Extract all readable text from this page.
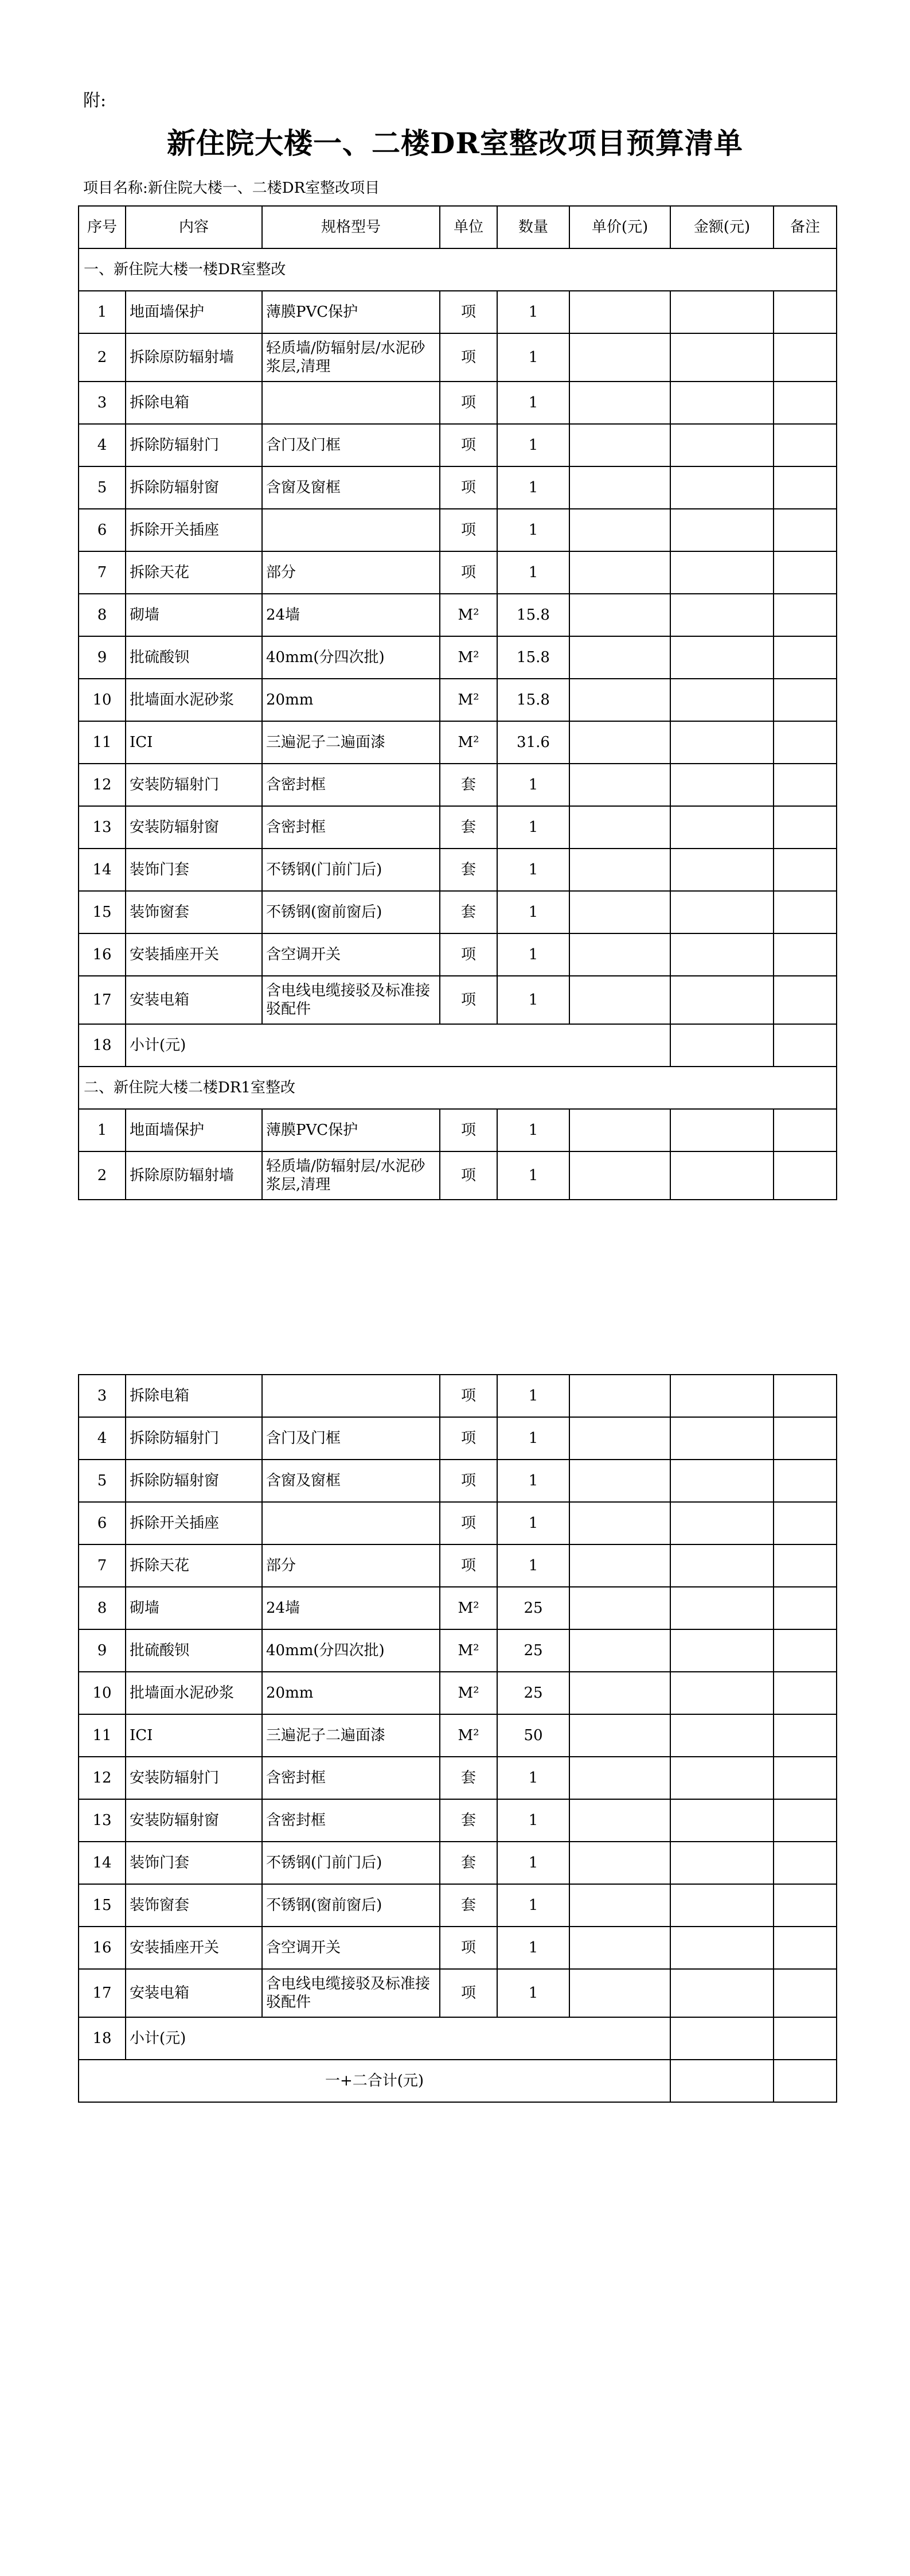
附:
新住院大楼一、二楼DR室整改项目预算清单
项目名称:新住院大楼一、二楼DR室整改项目
序号	内容	规格型号	单位	数量	单价(元)	金额(元)	备注
一、新住院大楼一楼DR室整改							
1	地面墙保护	薄膜PVC保护	项	1			
2	拆除原防辐射墙	轻质墙/防辐射层/水泥砂浆层,清理	项	1			
3	拆除电箱		项	1			
4	拆除防辐射门	含门及门框	项	1			
5	拆除防辐射窗	含窗及窗框	项	1			
6	拆除开关插座		项	1			
7	拆除天花	部分	项	1			
8	砌墙	24墙	M²	15.8			
9	批硫酸钡	40mm(分四次批)	M²	15.8			
10	批墙面水泥砂浆	20mm	M²	15.8			
11	ICI	三遍泥子二遍面漆	M²	31.6			
12	安装防辐射门	含密封框	套	1			
13	安装防辐射窗	含密封框	套	1			
14	装饰门套	不锈钢(门前门后)	套	1			
15	装饰窗套	不锈钢(窗前窗后)	套	1			
16	安装插座开关	含空调开关	项	1			
17	安装电箱	含电线电缆接驳及标准接驳配件	项	1			
18	小计(元)						
二、新住院大楼二楼DR1室整改							
1	地面墙保护	薄膜PVC保护	项	1			
2	拆除原防辐射墙	轻质墙/防辐射层/水泥砂浆层,清理	项	1			
3	拆除电箱		项	1			
4	拆除防辐射门	含门及门框	项	1			
5	拆除防辐射窗	含窗及窗框	项	1			
6	拆除开关插座		项	1			
7	拆除天花	部分	项	1			
8	砌墙	24墙	M²	25			
9	批硫酸钡	40mm(分四次批)	M²	25			
10	批墙面水泥砂浆	20mm	M²	25			
11	ICI	三遍泥子二遍面漆	M²	50			
12	安装防辐射门	含密封框	套	1			
13	安装防辐射窗	含密封框	套	1			
14	装饰门套	不锈钢(门前门后)	套	1			
15	装饰窗套	不锈钢(窗前窗后)	套	1			
16	安装插座开关	含空调开关	项	1			
17	安装电箱	含电线电缆接驳及标准接驳配件	项	1			
18	小计(元)						
一+二合计(元)							
